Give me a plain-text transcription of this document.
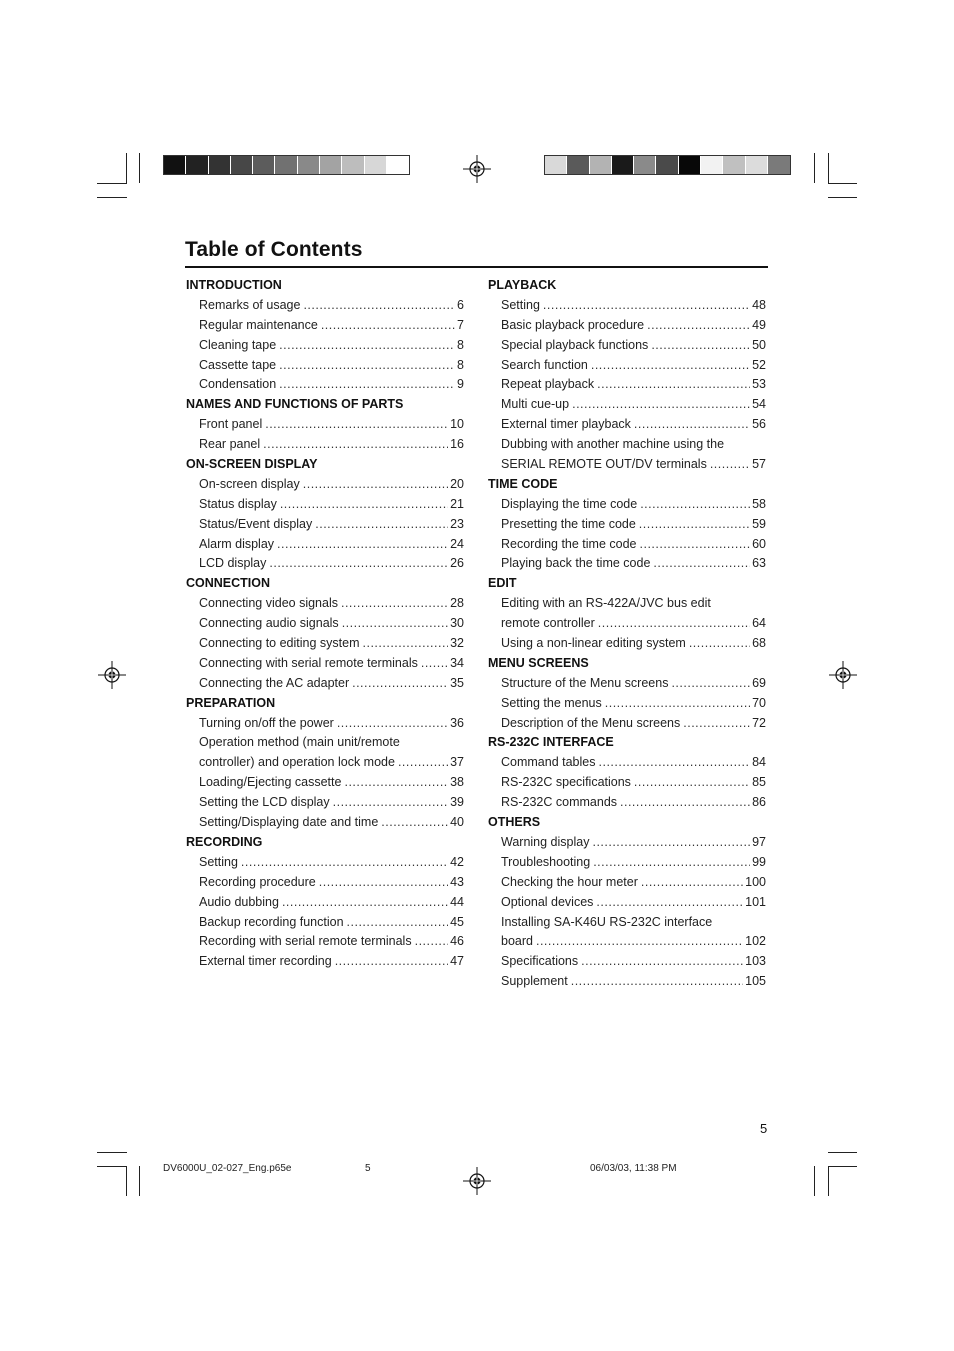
Table of Contents
INTRODUCTION
Remarks of usage .....	6
Regular maintenance .....	7
Cleaning tape .....	8
Cassette tape .....	8
Condensation .....	9
NAMES AND FUNCTIONS OF PARTS
Front panel .....	10
Rear panel .....	16
ON-SCREEN DISPLAY
On-screen display .....	20
Status display .....	21
Status/Event display .....	23
Alarm display .....	24
LCD display .....	26
CONNECTION
Connecting video signals .....	28
Connecting audio signals .....	30
Connecting to editing system .....	32
Connecting with serial remote terminals .....	34
Connecting the AC adapter .....	35
PREPARATION
Turning on/off the power .....	36
Operation method (main unit/remote
controller) and operation lock mode .....	37
Loading/Ejecting cassette .....	38
Setting the LCD display .....	39
Setting/Displaying date and time .....	40
RECORDING
Setting .....	42
Recording procedure .....	43
Audio dubbing .....	44
Backup recording function .....	45
Recording with serial remote terminals .....	46
External timer recording .....	47
PLAYBACK
Setting .....	48
Basic playback procedure .....	49
Special playback functions .....	50
Search function .....	52
Repeat playback .....	53
Multi cue-up .....	54
External timer playback .....	56
Dubbing with another machine using the
SERIAL REMOTE OUT/DV terminals .....	57
TIME CODE
Displaying the time code .....	58
Presetting the time code .....	59
Recording the time code .....	60
Playing back the time code .....	63
EDIT
Editing with an RS-422A/JVC bus edit
remote controller .....	64
Using a non-linear editing system .....	68
MENU SCREENS
Structure of the Menu screens .....	69
Setting the menus .....	70
Description of the Menu screens .....	72
RS-232C INTERFACE
Command tables .....	84
RS-232C specifications .....	85
RS-232C commands .....	86
OTHERS
Warning display .....	97
Troubleshooting .....	99
Checking the hour meter .....	100
Optional devices .....	101
Installing SA-K46U RS-232C interface
board .....	102
Specifications .....	103
Supplement .....	105
5
DV6000U_02-027_Eng.p65e	5	06/03/03, 11:38 PM
